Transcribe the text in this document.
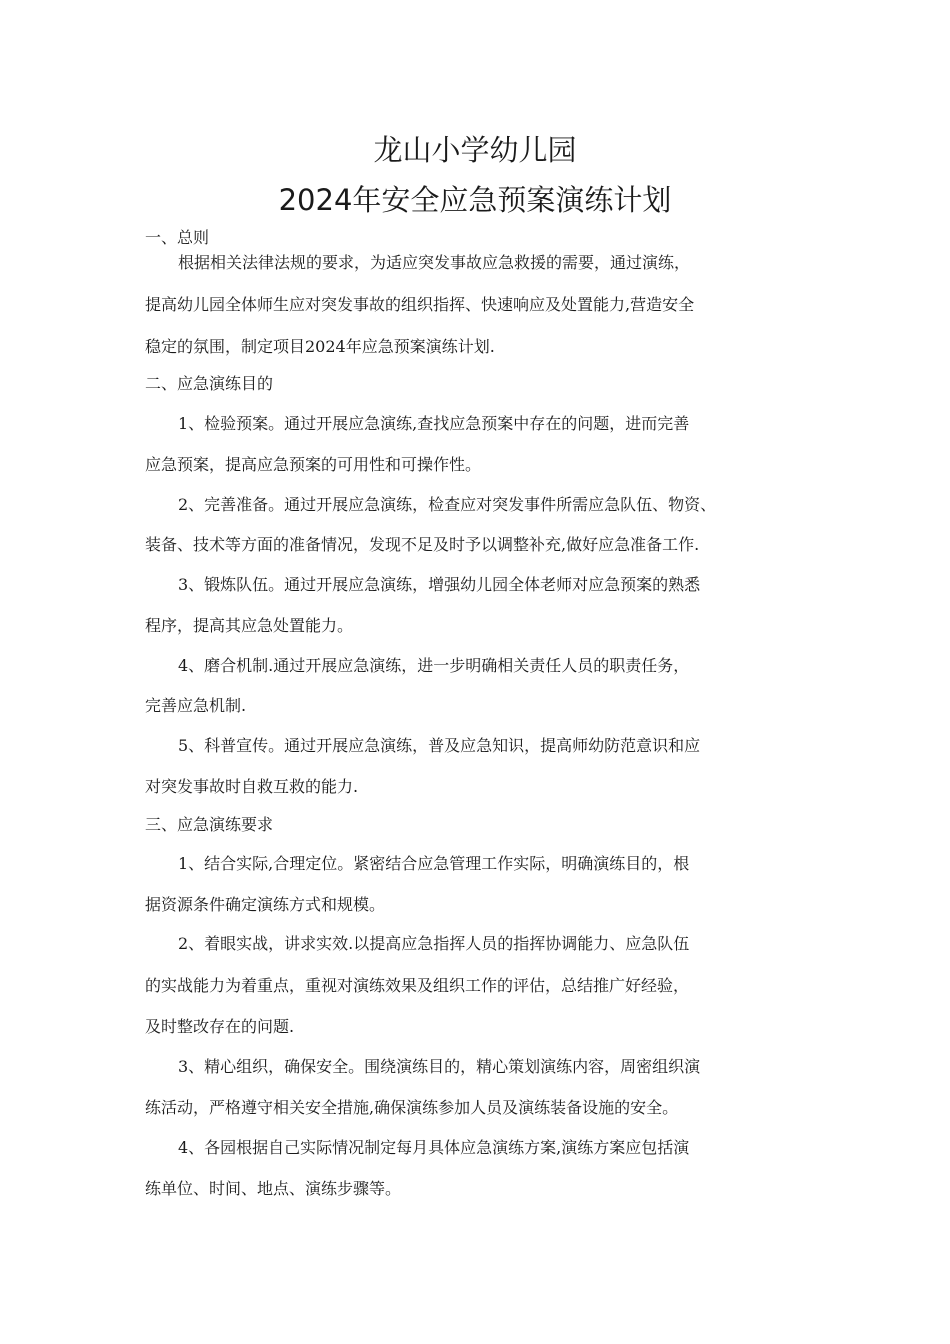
龙山小学幼儿园
2024年安全应急预案演练计划
一、总则
根据相关法律法规的要求，为适应突发事故应急救援的需要，通过演练，
提高幼儿园全体师生应对突发事故的组织指挥、快速响应及处置能力,营造安全
稳定的氛围，制定项目2024年应急预案演练计划.
二、应急演练目的
1、检验预案。通过开展应急演练,查找应急预案中存在的问题，进而完善
应急预案，提高应急预案的可用性和可操作性。
2、完善准备。通过开展应急演练，检查应对突发事件所需应急队伍、物资、
装备、技术等方面的准备情况，发现不足及时予以调整补充,做好应急准备工作.
3、锻炼队伍。通过开展应急演练，增强幼儿园全体老师对应急预案的熟悉
程序，提高其应急处置能力。
4、磨合机制.通过开展应急演练，进一步明确相关责任人员的职责任务，
完善应急机制.
5、科普宣传。通过开展应急演练，普及应急知识，提高师幼防范意识和应
对突发事故时自救互救的能力.
三、应急演练要求
1、结合实际,合理定位。紧密结合应急管理工作实际，明确演练目的，根
据资源条件确定演练方式和规模。
2、着眼实战，讲求实效.以提高应急指挥人员的指挥协调能力、应急队伍
的实战能力为着重点，重视对演练效果及组织工作的评估，总结推广好经验，
及时整改存在的问题.
3、精心组织，确保安全。围绕演练目的，精心策划演练内容，周密组织演
练活动，严格遵守相关安全措施,确保演练参加人员及演练装备设施的安全。
4、各园根据自己实际情况制定每月具体应急演练方案,演练方案应包括演
练单位、时间、地点、演练步骤等。
